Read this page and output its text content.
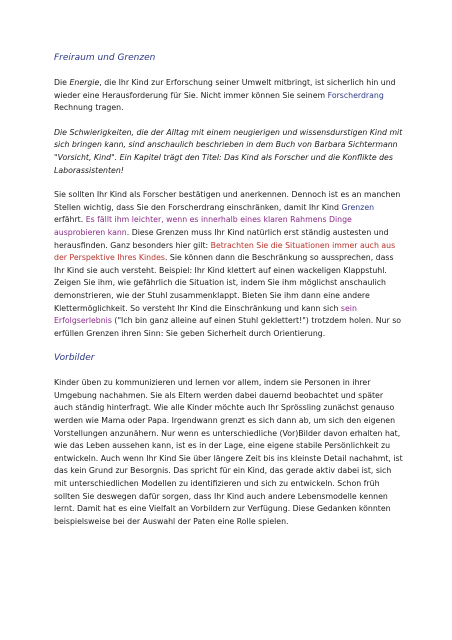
Freiraum und Grenzen

Die Energie, die Ihr Kind zur Erforschung seiner Umwelt mitbringt, ist sicherlich hin und wieder eine Herausforderung für Sie. Nicht immer können Sie seinem Forscherdrang Rechnung tragen.

Die Schwierigkeiten, die der Alltag mit einem neugierigen und wissensdurstigen Kind mit sich bringen kann, sind anschaulich beschrieben in dem Buch von Barbara Sichtermann "Vorsicht, Kind". Ein Kapitel trägt den Titel: Das Kind als Forscher und die Konflikte des Laborassistenten!

Sie sollten Ihr Kind als Forscher bestätigen und anerkennen. Dennoch ist es an manchen Stellen wichtig, dass Sie den Forscherdrang einschränken, damit Ihr Kind Grenzen erfährt. Es fällt ihm leichter, wenn es innerhalb eines klaren Rahmens Dinge ausprobieren kann. Diese Grenzen muss Ihr Kind natürlich erst ständig austesten und herausfinden. Ganz besonders hier gilt: Betrachten Sie die Situationen immer auch aus der Perspektive Ihres Kindes. Sie können dann die Beschränkung so aussprechen, dass Ihr Kind sie auch versteht. Beispiel: Ihr Kind klettert auf einen wackeligen Klappstuhl. Zeigen Sie ihm, wie gefährlich die Situation ist, indem Sie ihm möglichst anschaulich demonstrieren, wie der Stuhl zusammenklappt. Bieten Sie ihm dann eine andere Klettermöglichkeit. So versteht Ihr Kind die Einschränkung und kann sich sein Erfolgserlebnis ("Ich bin ganz alleine auf einen Stuhl geklettert!") trotzdem holen. Nur so erfüllen Grenzen ihren Sinn: Sie geben Sicherheit durch Orientierung.

Vorbilder

Kinder üben zu kommunizieren und lernen vor allem, indem sie Personen in ihrer Umgebung nachahmen. Sie als Eltern werden dabei dauernd beobachtet und später auch ständig hinterfragt. Wie alle Kinder möchte auch Ihr Sprössling zunächst genauso werden wie Mama oder Papa. Irgendwann grenzt es sich dann ab, um sich den eigenen Vorstellungen anzunähern. Nur wenn es unterschiedliche (Vor)Bilder davon erhalten hat, wie das Leben aussehen kann, ist es in der Lage, eine eigene stabile Persönlichkeit zu entwickeln. Auch wenn Ihr Kind Sie über längere Zeit bis ins kleinste Detail nachahmt, ist das kein Grund zur Besorgnis. Das spricht für ein Kind, das gerade aktiv dabei ist, sich mit unterschiedlichen Modellen zu identifizieren und sich zu entwickeln. Schon früh sollten Sie deswegen dafür sorgen, dass Ihr Kind auch andere Lebensmodelle kennen lernt. Damit hat es eine Vielfalt an Vorbildern zur Verfügung. Diese Gedanken könnten beispielsweise bei der Auswahl der Paten eine Rolle spielen.
